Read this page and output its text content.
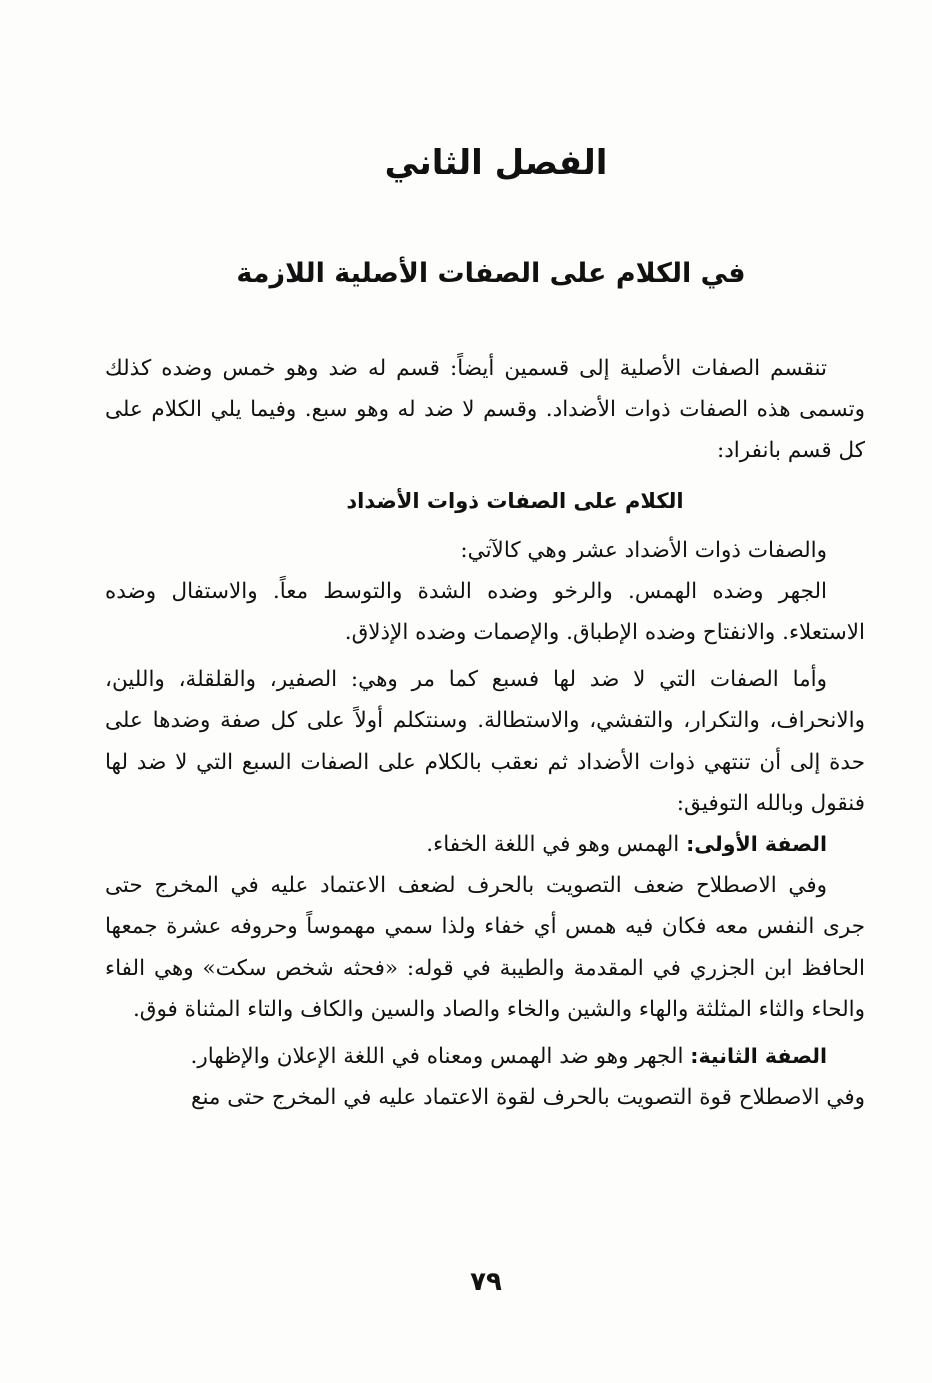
الفصل الثاني
في الكلام على الصفات الأصلية اللازمة

تنقسم الصفات الأصلية إلى قسمين أيضاً: قسم له ضد وهو خمس وضده كذلك وتسمى هذه الصفات ذوات الأضداد. وقسم لا ضد له وهو سبع. وفيما يلي الكلام على كل قسم بانفراد:

الكلام على الصفات ذوات الأضداد

والصفات ذوات الأضداد عشر وهي كالآتي:

الجهر وضده الهمس. والرخو وضده الشدة والتوسط معاً. والاستفال وضده الاستعلاء. والانفتاح وضده الإطباق. والإصمات وضده الإذلاق.

وأما الصفات التي لا ضد لها فسبع كما مر وهي: الصفير، والقلقلة، واللين، والانحراف، والتكرار، والتفشي، والاستطالة. وسنتكلم أولاً على كل صفة وضدها على حدة إلى أن تنتهي ذوات الأضداد ثم نعقب بالكلام على الصفات السبع التي لا ضد لها فنقول وبالله التوفيق:

الصفة الأولى: الهمس وهو في اللغة الخفاء.

وفي الاصطلاح ضعف التصويت بالحرف لضعف الاعتماد عليه في المخرج حتى جرى النفس معه فكان فيه همس أي خفاء ولذا سمي مهموساً وحروفه عشرة جمعها الحافظ ابن الجزري في المقدمة والطيبة في قوله: «فحثه شخص سكت» وهي الفاء والحاء والثاء المثلثة والهاء والشين والخاء والصاد والسين والكاف والتاء المثناة فوق.

الصفة الثانية: الجهر وهو ضد الهمس ومعناه في اللغة الإعلان والإظهار.

وفي الاصطلاح قوة التصويت بالحرف لقوة الاعتماد عليه في المخرج حتى منع

٧٩
